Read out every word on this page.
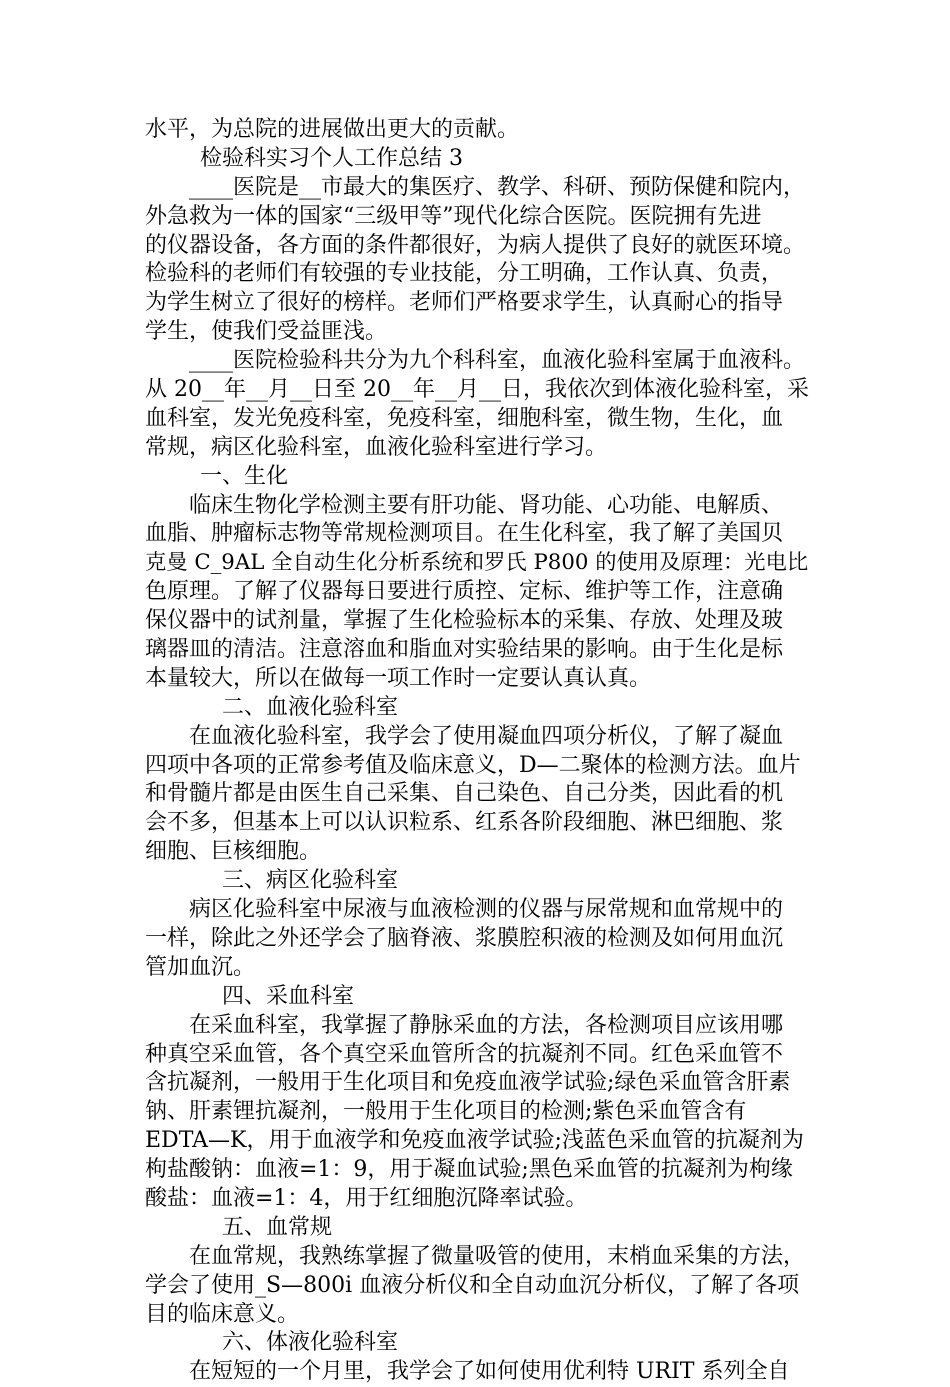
水平，为总院的进展做出更大的贡献。
检验科实习个人工作总结 3
　　____医院是__市最大的集医疗、教学、科研、预防保健和院内，
外急救为一体的国家“三级甲等”现代化综合医院。医院拥有先进
的仪器设备，各方面的条件都很好，为病人提供了良好的就医环境。
检验科的老师们有较强的专业技能，分工明确，工作认真、负责，
为学生树立了很好的榜样。老师们严格要求学生，认真耐心的指导
学生，使我们受益匪浅。
　　____医院检验科共分为九个科科室，血液化验科室属于血液科。
从 20__年__月__日至 20__年__月__日，我依次到体液化验科室，采
血科室，发光免疫科室，免疫科室，细胞科室，微生物，生化，血
常规，病区化验科室，血液化验科室进行学习。
一、生化
　　临床生物化学检测主要有肝功能、肾功能、心功能、电解质、
血脂、肿瘤标志物等常规检测项目。在生化科室，我了解了美国贝
克曼 C_9AL 全自动生化分析系统和罗氏 P800 的使用及原理：光电比
色原理。了解了仪器每日要进行质控、定标、维护等工作，注意确
保仪器中的试剂量，掌握了生化检验标本的采集、存放、处理及玻
璃器皿的清洁。注意溶血和脂血对实验结果的影响。由于生化是标
本量较大，所以在做每一项工作时一定要认真认真。
　二、血液化验科室
　　在血液化验科室，我学会了使用凝血四项分析仪，了解了凝血
四项中各项的正常参考值及临床意义，D—二聚体的检测方法。血片
和骨髓片都是由医生自己采集、自己染色、自己分类，因此看的机
会不多，但基本上可以认识粒系、红系各阶段细胞、淋巴细胞、浆
细胞、巨核细胞。
　三、病区化验科室
　　病区化验科室中尿液与血液检测的仪器与尿常规和血常规中的
一样，除此之外还学会了脑脊液、浆膜腔积液的检测及如何用血沉
管加血沉。
　四、采血科室
　　在采血科室，我掌握了静脉采血的方法，各检测项目应该用哪
种真空采血管，各个真空采血管所含的抗凝剂不同。红色采血管不
含抗凝剂，一般用于生化项目和免疫血液学试验;绿色采血管含肝素
钠、肝素锂抗凝剂，一般用于生化项目的检测;紫色采血管含有
EDTA—K，用于血液学和免疫血液学试验;浅蓝色采血管的抗凝剂为
枸盐酸钠：血液=1：9，用于凝血试验;黑色采血管的抗凝剂为枸缘
酸盐：血液=1：4，用于红细胞沉降率试验。
　五、血常规
　　在血常规，我熟练掌握了微量吸管的使用，末梢血采集的方法，
学会了使用_S—800i 血液分析仪和全自动血沉分析仪，了解了各项
目的临床意义。
　六、体液化验科室
　　在短短的一个月里，我学会了如何使用优利特 URIT 系列全自
